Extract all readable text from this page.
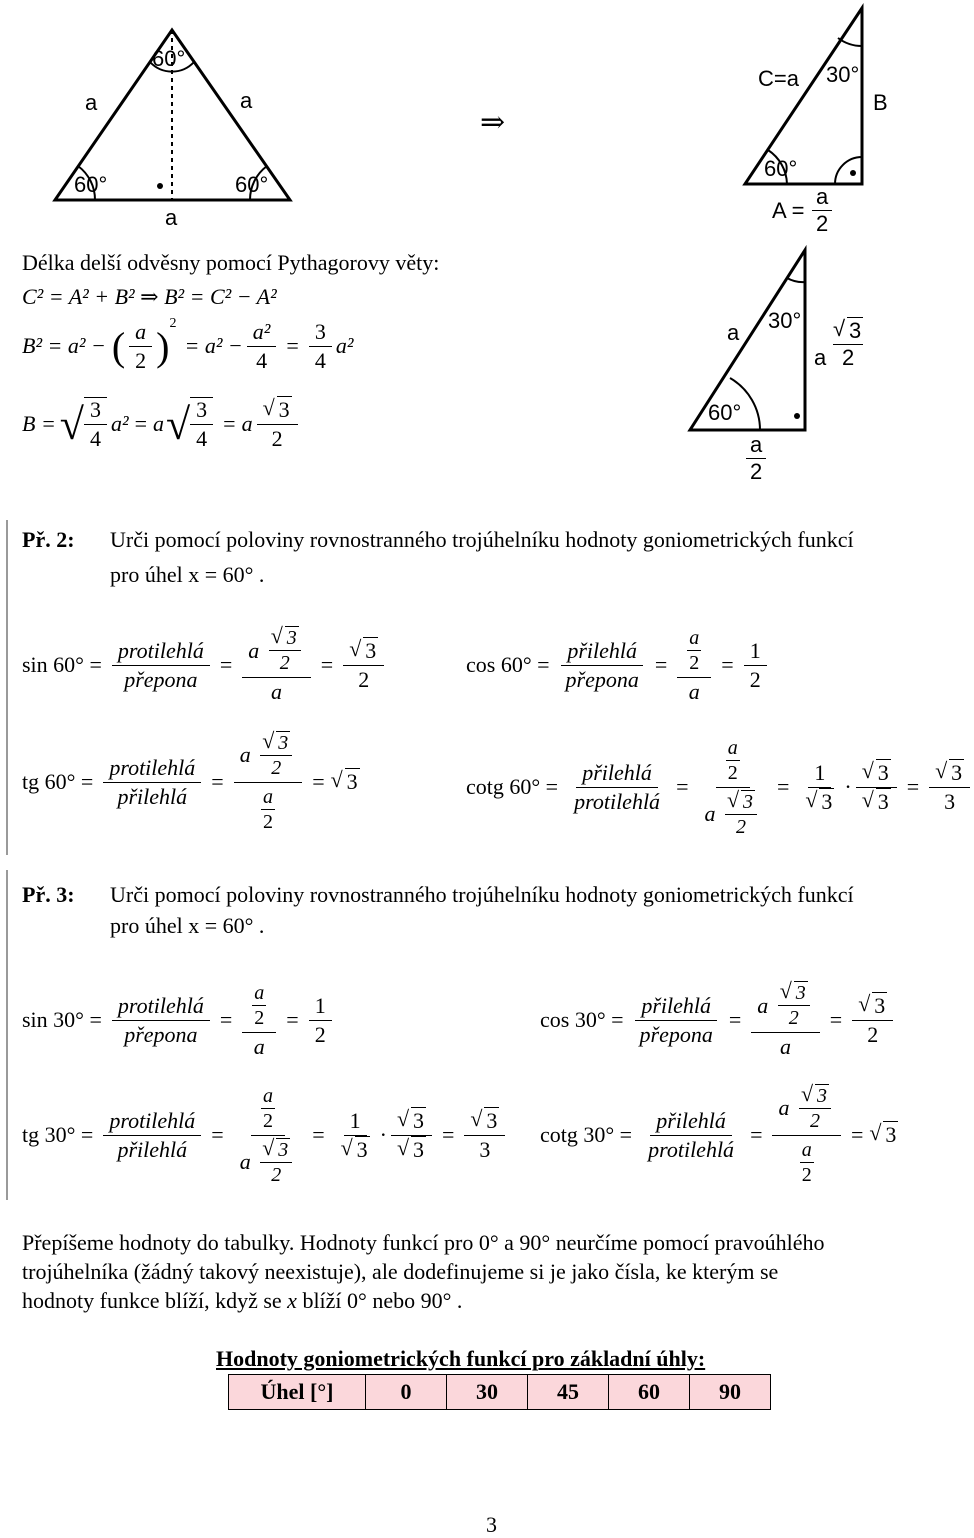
60°
a	a
60°	60°
a
⇒
C=a 30°
B
60°
$A = \frac{a}{2}$
a 30°
a
√ 3
2
60°
$\frac{a}{2}$
Délka delší odvěsny pomocí Pythagorovy věty:
C² = A² + B² ⇒ B² = C² − A²
B² = a² − ( $\frac{a}{2} )^2$
= $a^2 - \frac{\text{a²}}{4} = \frac{3}{4} a^2$
B = √ $\frac{3}{4} a^2 = a$ √ $\frac{3}{4} = a$
√ $\frac{3}{2}$
Př. 2: Urči pomocí poloviny rovnostranného trojúhelníku hodnoty goniometrických funkcí
pro úhel x = 60° .
$\sin 60^\circ = \frac{\text{protilehlá}}{\text{přepona}} = a$
√ $\frac{3}{2}$
a =
√ $\frac{3}{2}$	$\cos 60^\circ = \frac{\text{přilehlá}}{\text{přepona}} = \frac{\frac{a}{2}}{a} = \frac{1}{2}$
tg $60^\circ = \frac{\text{protilehlá}}{\text{přilehlá}} = a$
√ $\frac{3}{2}$
$\frac{a}{2}$ =
√	3	cotg $60^\circ = \frac{\text{přilehlá}}{\text{protilehlá}} = \frac{a}{2}$
a
√ $\frac{3}{2} = 1$
√ 3 ·
√ 3
√ 3 =
√ $\frac{3}{3}$
Př. 3: Urči pomocí poloviny rovnostranného trojúhelníku hodnoty goniometrických funkcí
pro úhel x = 60° .
$\sin 30^\circ = \frac{\text{protilehlá}}{\text{přepona}} = \frac{\frac{a}{2}}{a} = \frac{1}{2}$	$\cos 30^\circ = \frac{\text{přilehlá}}{\text{přepona}} = a$
√ $\frac{3}{2}$
a =
√ $\frac{3}{2}$
tg $30^\circ = \frac{\text{protilehlá}}{\text{přilehlá}} = \frac{a}{2}$
a
√ $\frac{3}{2} = 1$
√ 3 ·
√ 3
√ 3 =
√ $\frac{3}{3}$ cotg $30^\circ = \frac{\text{přilehlá}}{\text{protilehlá}} = a$
√ $\frac{3}{2}$
$\frac{a}{2}$ =
√	3
Přepíšeme hodnoty do tabulky. Hodnoty funkcí pro 0° a 90° neurčíme pomocí pravoúhlého
trojúhelníka (žádný takový neexistuje), ale dodefinujeme si je jako čísla, ke kterým se
hodnoty funkce blíží, když se x blíží 0° nebo 90° .
Hodnoty goniometrických funkcí pro základní úhly:
Úhel [°]	0	30	45	60	90
3
